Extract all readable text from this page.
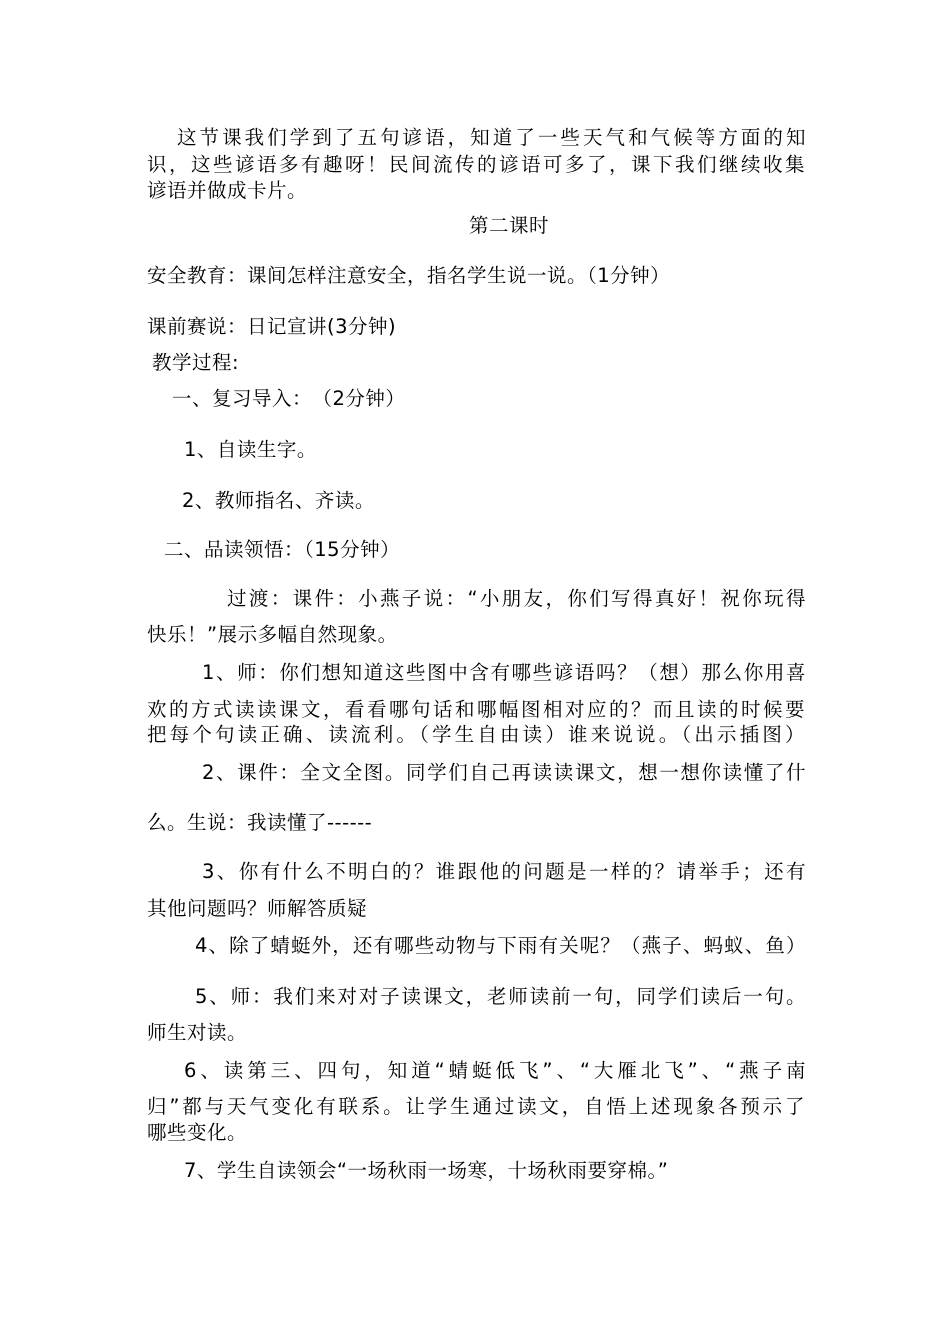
这节课我们学到了五句谚语，知道了一些天气和气候等方面的知
识，这些谚语多有趣呀！民间流传的谚语可多了，课下我们继续收集
谚语并做成卡片。
第二课时
安全教育：课间怎样注意安全，指名学生说一说。（1分钟）
课前赛说：日记宣讲(3分钟)
教学过程:
一、复习导入：　（2分钟）
1、自读生字。
2、教师指名、齐读。
二、品读领悟：（15分钟）
过渡：课件：小燕子说：“小朋友，你们写得真好！祝你玩得
快乐！”展示多幅自然现象。
1、师：你们想知道这些图中含有哪些谚语吗？（想）那么你用喜
欢的方式读读课文，看看哪句话和哪幅图相对应的？而且读的时候要
把每个句读正确、读流利。（学生自由读）谁来说说。（出示插图）
2、课件：全文全图。同学们自己再读读课文，想一想你读懂了什
么。生说：我读懂了------
3、你有什么不明白的？谁跟他的问题是一样的？请举手；还有
其他问题吗？师解答质疑
4、除了蜻蜓外，还有哪些动物与下雨有关呢？（燕子、蚂蚁、鱼）
5、师：我们来对对子读课文，老师读前一句，同学们读后一句。
师生对读。
6、读第三、四句，知道“蜻蜓低飞”、“大雁北飞”、“燕子南
归”都与天气变化有联系。让学生通过读文，自悟上述现象各预示了
哪些变化。
7、学生自读领会“一场秋雨一场寒，十场秋雨要穿棉。”
